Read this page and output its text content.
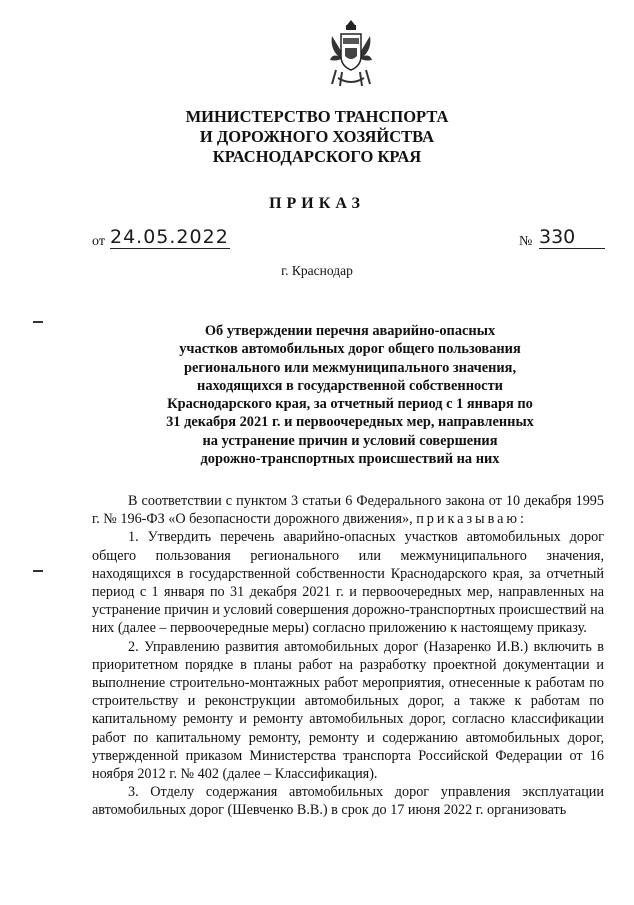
МИНИСТЕРСТВО ТРАНСПОРТА
И ДОРОЖНОГО ХОЗЯЙСТВА
КРАСНОДАРСКОГО КРАЯ
ПРИКАЗ
от 24.05.2022	№ 330
г. Краснодар
Об утверждении перечня аварийно-опасных
участков автомобильных дорог общего пользования
регионального или межмуниципального значения,
находящихся в государственной собственности
Краснодарского края, за отчетный период с 1 января по
31 декабря 2021 г. и первоочередных мер, направленных
на устранение причин и условий совершения
дорожно-транспортных происшествий на них

В соответствии с пунктом 3 статьи 6 Федерального закона от 10 декабря 1995 г. № 196-ФЗ «О безопасности дорожного движения», приказываю:

1. Утвердить перечень аварийно-опасных участков автомобильных дорог общего пользования регионального или межмуниципального значения, находящихся в государственной собственности Краснодарского края, за отчетный период с 1 января по 31 декабря 2021 г. и первоочередных мер, направленных на устранение причин и условий совершения дорожно-транспортных происшествий на них (далее – первоочередные меры) согласно приложению к настоящему приказу.

2. Управлению развития автомобильных дорог (Назаренко И.В.) включить в приоритетном порядке в планы работ на разработку проектной документации и выполнение строительно-монтажных работ мероприятия, отнесенные к работам по строительству и реконструкции автомобильных дорог, а также к работам по капитальному ремонту и ремонту автомобильных дорог, согласно классификации работ по капитальному ремонту, ремонту и содержанию автомобильных дорог, утвержденной приказом Министерства транспорта Российской Федерации от 16 ноября 2012 г. № 402 (далее – Классификация).

3. Отделу содержания автомобильных дорог управления эксплуатации автомобильных дорог (Шевченко В.В.) в срок до 17 июня 2022 г. организовать
